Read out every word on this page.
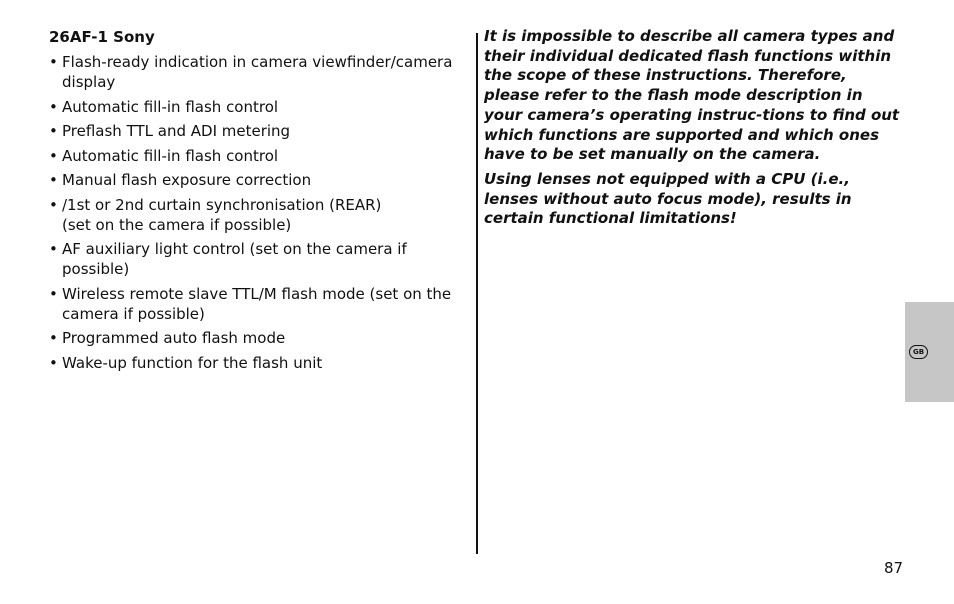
26AF-1 Sony
• Flash-ready indication in camera viewfinder/camera display
• Automatic fill-in flash control
• Preflash TTL and ADI metering
• Automatic fill-in flash control
• Manual flash exposure correction
• /1st or 2nd curtain synchronisation (REAR)
(set on the camera if possible)
• AF auxiliary light control (set on the camera if possible)
• Wireless remote slave TTL/M flash mode (set on the camera if possible)
• Programmed auto flash mode
• Wake-up function for the flash unit

It is impossible to describe all camera types and their individual dedicated flash functions within the scope of these instructions. Therefore, please refer to the flash mode description in your camera’s operating instruc-tions to find out which functions are supported and which ones have to be set manually on the camera.

Using lenses not equipped with a CPU (i.e., lenses without auto focus mode), results in certain functional limitations!

GB
87
